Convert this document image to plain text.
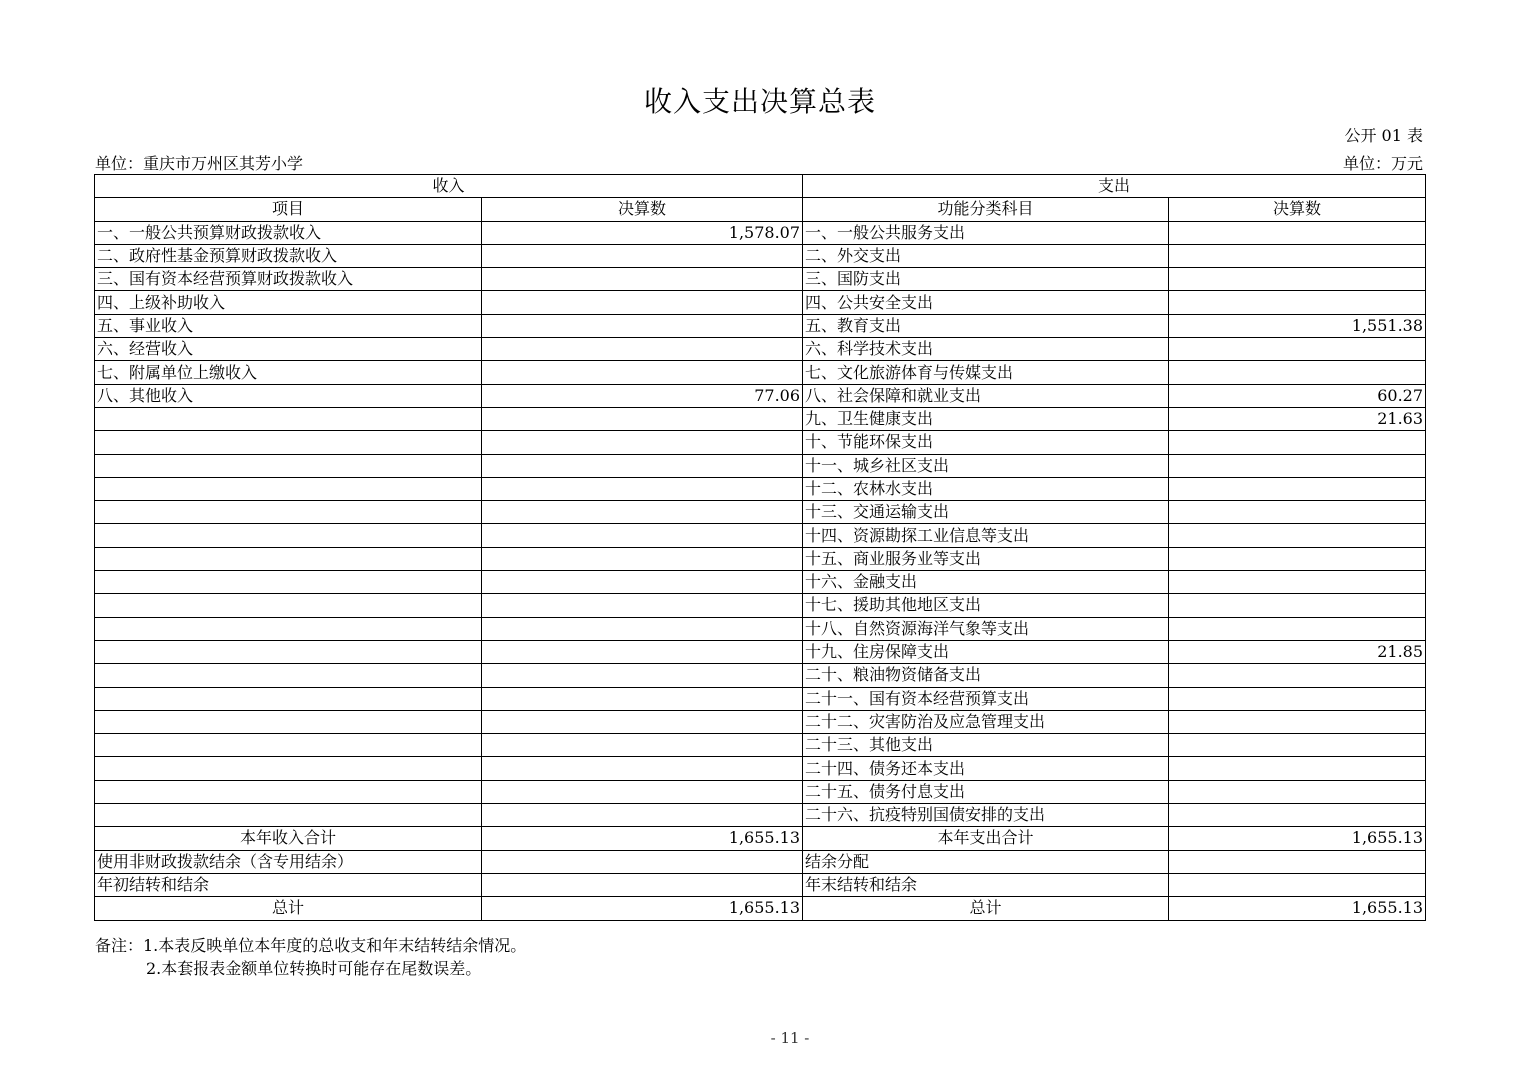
收入支出决算总表
公开 01 表
单位：重庆市万州区其芳小学	单位：万元
收入		支出	
项目	决算数	功能分类科目	决算数
一、一般公共预算财政拨款收入	1,578.07	一、一般公共服务支出	
二、政府性基金预算财政拨款收入		二、外交支出	
三、国有资本经营预算财政拨款收入		三、国防支出	
四、上级补助收入		四、公共安全支出	
五、事业收入		五、教育支出	1,551.38
六、经营收入		六、科学技术支出	
七、附属单位上缴收入		七、文化旅游体育与传媒支出	
八、其他收入	77.06	八、社会保障和就业支出	60.27
		九、卫生健康支出	21.63
		十、节能环保支出	
		十一、城乡社区支出	
		十二、农林水支出	
		十三、交通运输支出	
		十四、资源勘探工业信息等支出	
		十五、商业服务业等支出	
		十六、金融支出	
		十七、援助其他地区支出	
		十八、自然资源海洋气象等支出	
		十九、住房保障支出	21.85
		二十、粮油物资储备支出	
		二十一、国有资本经营预算支出	
		二十二、灾害防治及应急管理支出	
		二十三、其他支出	
		二十四、债务还本支出	
		二十五、债务付息支出	
		二十六、抗疫特别国债安排的支出	
本年收入合计	1,655.13	本年支出合计	1,655.13
使用非财政拨款结余（含专用结余）		结余分配	
年初结转和结余		年末结转和结余	
总计	1,655.13	总计	1,655.13
备注：1.本表反映单位本年度的总收支和年末结转结余情况。
2.本套报表金额单位转换时可能存在尾数误差。
- 11 -
